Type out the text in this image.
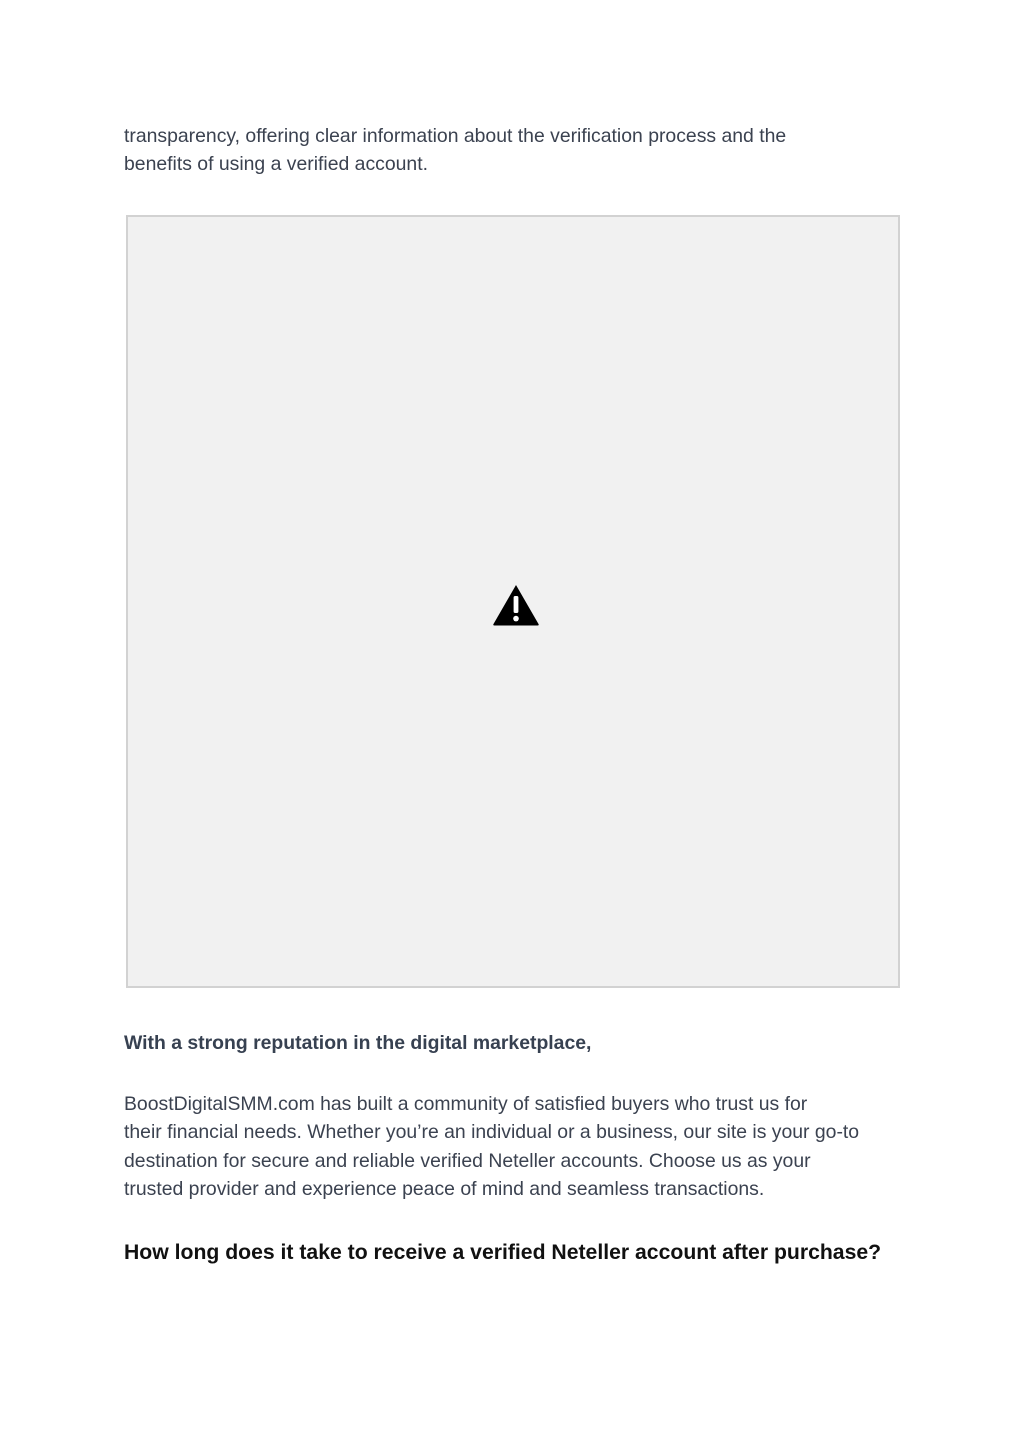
transparency, offering clear information about the verification process and the
benefits of using a verified account.

With a strong reputation in the digital marketplace,

BoostDigitalSMM.com has built a community of satisfied buyers who trust us for
their financial needs. Whether you’re an individual or a business, our site is your go-to
destination for secure and reliable verified Neteller accounts. Choose us as your
trusted provider and experience peace of mind and seamless transactions.

How long does it take to receive a verified Neteller account after purchase?
